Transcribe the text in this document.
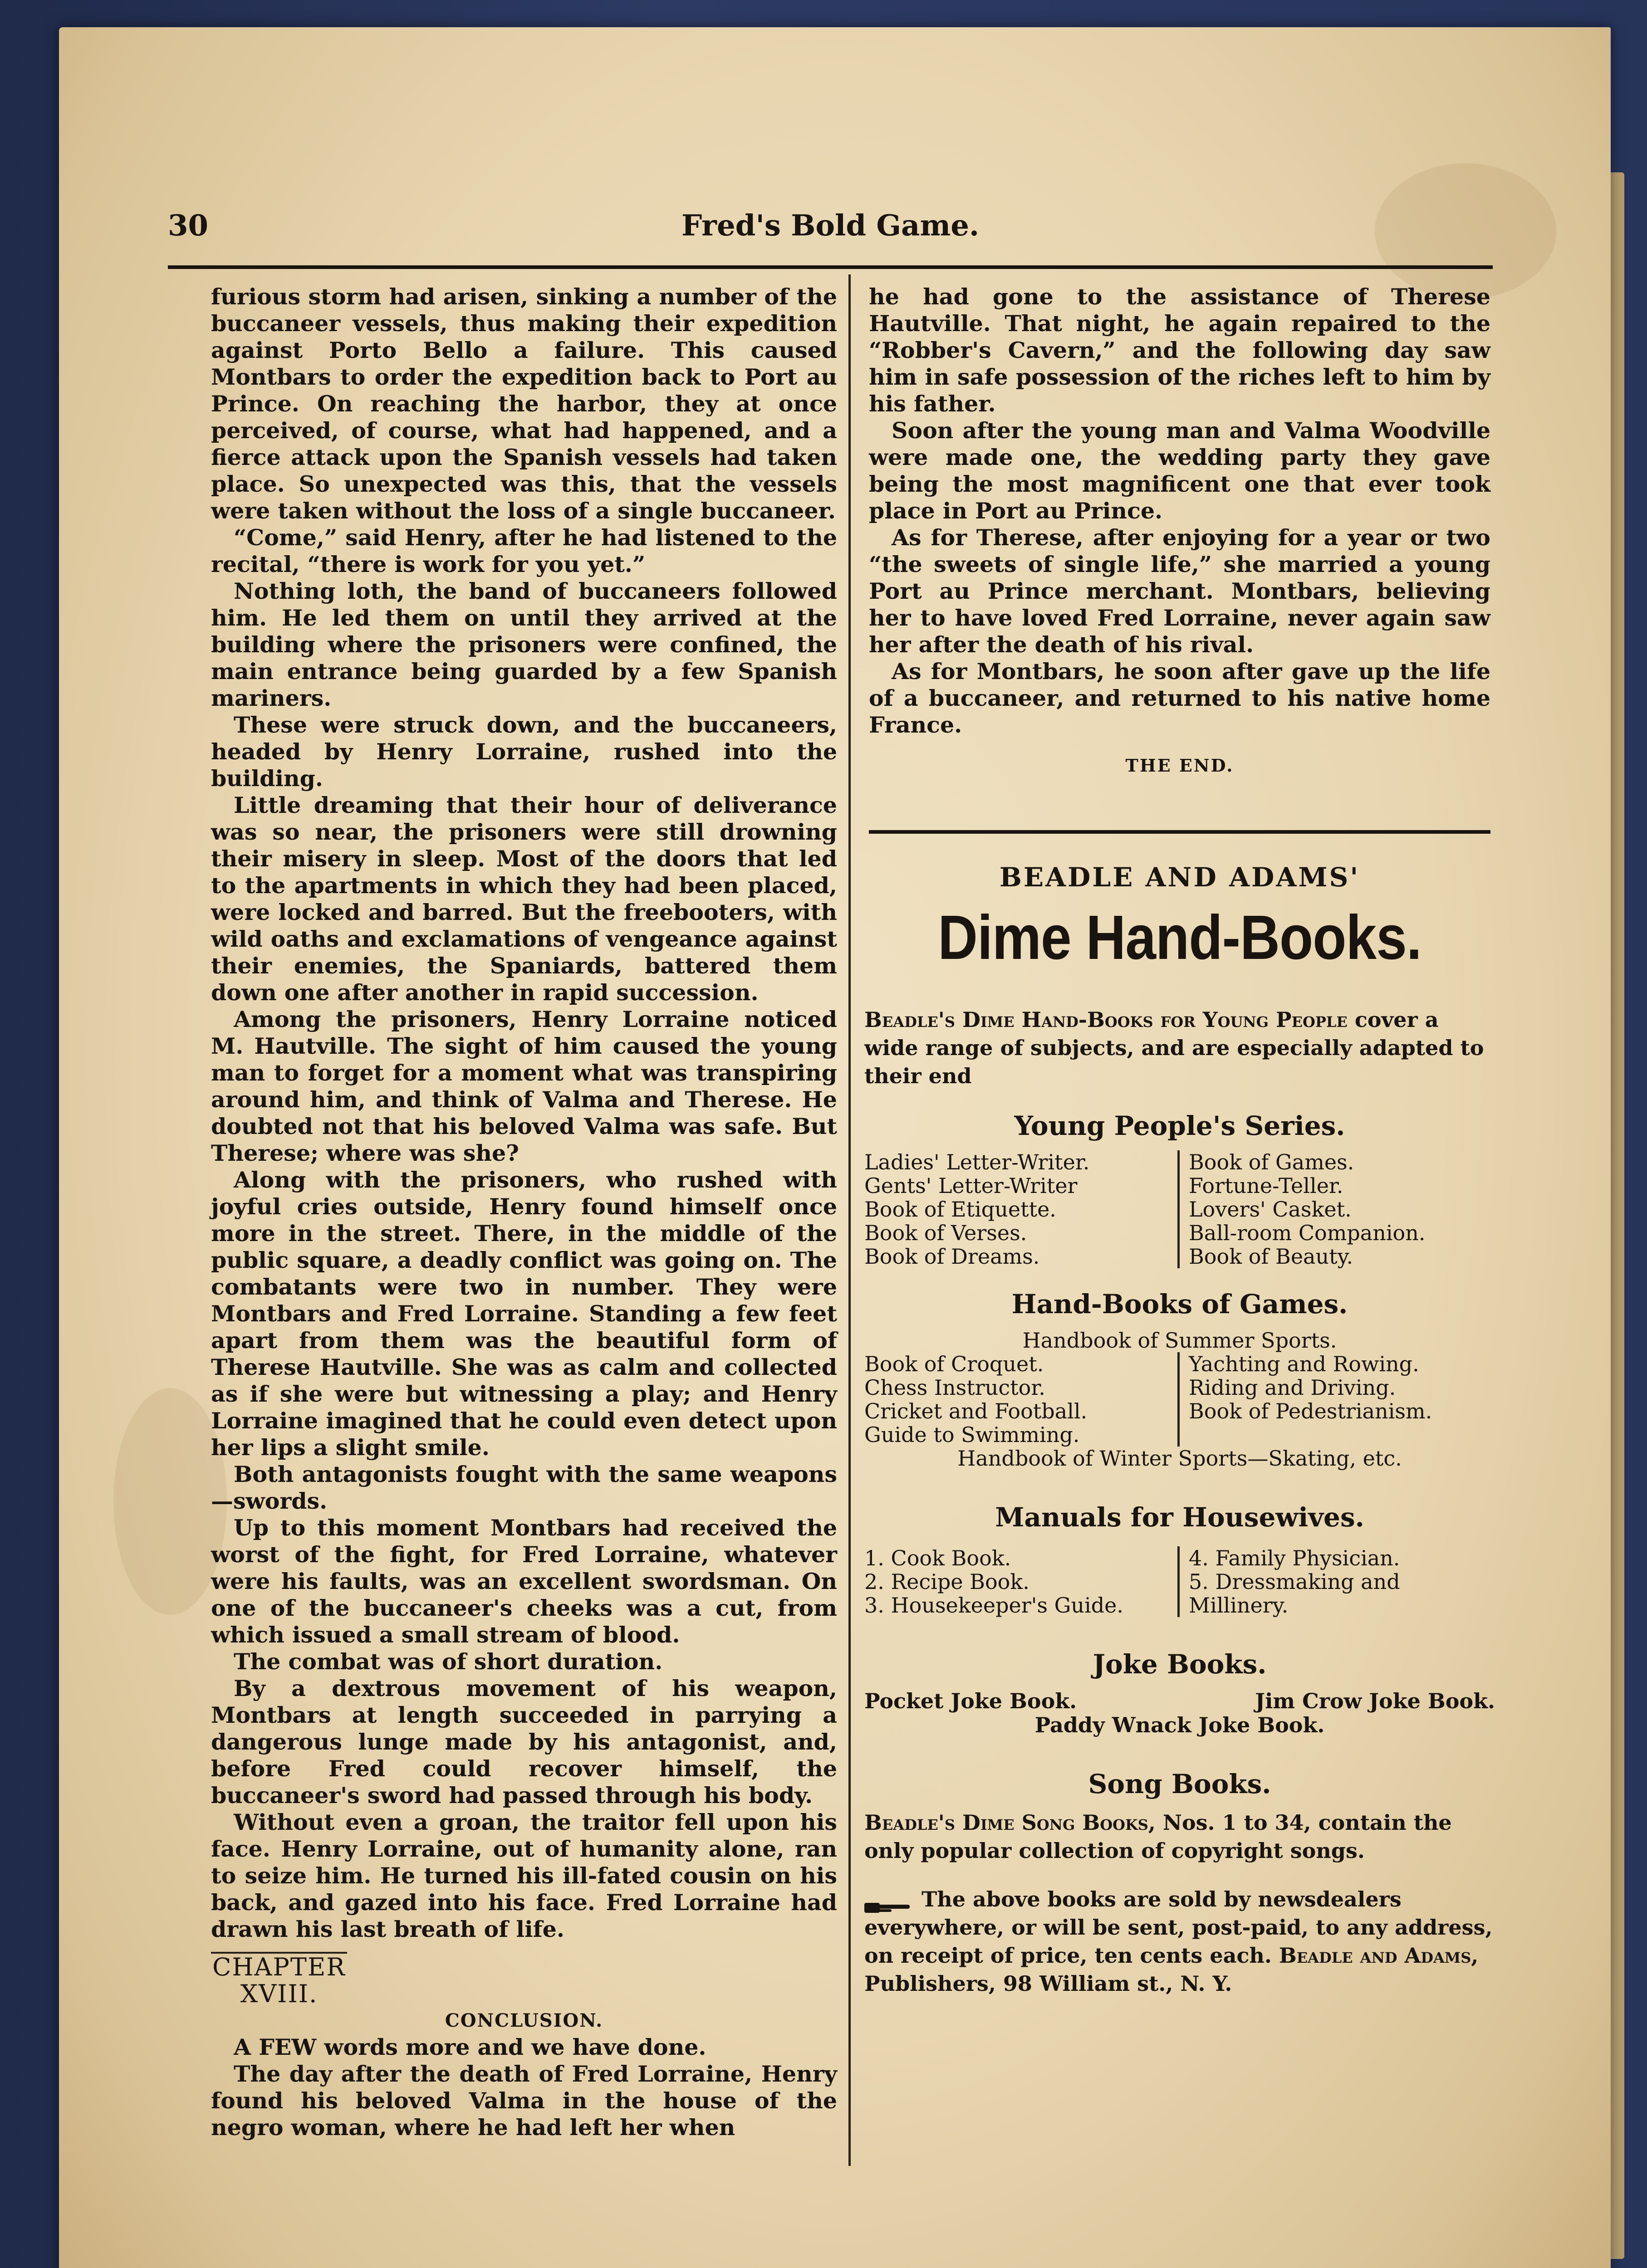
30	Fred's Bold Game.

furious storm had arisen, sinking a number of the buccaneer vessels, thus making their expedition against Porto Bello a failure. This caused Montbars to order the expedition back to Port au Prince. On reaching the harbor, they at once perceived, of course, what had happened, and a fierce attack upon the Spanish vessels had taken place. So unexpected was this, that the vessels were taken without the loss of a single buccaneer.

“Come,” said Henry, after he had listened to the recital, “there is work for you yet.”

Nothing loth, the band of buccaneers followed him. He led them on until they arrived at the building where the prisoners were confined, the main entrance being guarded by a few Spanish mariners.

These were struck down, and the buccaneers, headed by Henry Lorraine, rushed into the building.

Little dreaming that their hour of deliverance was so near, the prisoners were still drowning their misery in sleep. Most of the doors that led to the apartments in which they had been placed, were locked and barred. But the freebooters, with wild oaths and exclamations of vengeance against their enemies, the Spaniards, battered them down one after another in rapid succession.

Among the prisoners, Henry Lorraine noticed M. Hautville. The sight of him caused the young man to forget for a moment what was transpiring around him, and think of Valma and Therese. He doubted not that his beloved Valma was safe. But Therese; where was she?

Along with the prisoners, who rushed with joyful cries outside, Henry found himself once more in the street. There, in the middle of the public square, a deadly conflict was going on. The combatants were two in number. They were Montbars and Fred Lorraine. Standing a few feet apart from them was the beautiful form of Therese Hautville. She was as calm and collected as if she were but witnessing a play; and Henry Lorraine imagined that he could even detect upon her lips a slight smile.

Both antagonists fought with the same weapons—swords.

Up to this moment Montbars had received the worst of the fight, for Fred Lorraine, whatever were his faults, was an excellent swordsman. On one of the buccaneer's cheeks was a cut, from which issued a small stream of blood.

The combat was of short duration.

By a dextrous movement of his weapon, Montbars at length succeeded in parrying a dangerous lunge made by his antagonist, and, before Fred could recover himself, the buccaneer's sword had passed through his body.

Without even a groan, the traitor fell upon his face. Henry Lorraine, out of humanity alone, ran to seize him. He turned his ill-fated cousin on his back, and gazed into his face. Fred Lorraine had drawn his last breath of life.

CHAPTER XVIII.

CONCLUSION.

A FEW words more and we have done.

The day after the death of Fred Lorraine, Henry found his beloved Valma in the house of the negro woman, where he had left her when

he had gone to the assistance of Therese Hautville. That night, he again repaired to the “Robber's Cavern,” and the following day saw him in safe possession of the riches left to him by his father.

Soon after the young man and Valma Woodville were made one, the wedding party they gave being the most magnificent one that ever took place in Port au Prince.

As for Therese, after enjoying for a year or two “the sweets of single life,” she married a young Port au Prince merchant. Montbars, believing her to have loved Fred Lorraine, never again saw her after the death of his rival.

As for Montbars, he soon after gave up the life of a buccaneer, and returned to his native home France.

THE END.

BEADLE AND ADAMS'
Dime Hand-Books.
Beadle's Dime Hand-Books for Young People cover a wide range of subjects, and are especially adapted to their end
Young People's Series.
Ladies' Letter-Writer.
Gents' Letter-Writer
Book of Etiquette.
Book of Verses.
Book of Dreams.
Book of Games.
Fortune-Teller.
Lovers' Casket.
Ball-room Companion.
Book of Beauty.
Hand-Books of Games.
Handbook of Summer Sports.
Book of Croquet.
Chess Instructor.
Cricket and Football.
Guide to Swimming.
Yachting and Rowing.
Riding and Driving.
Book of Pedestrianism.
Handbook of Winter Sports—Skating, etc.
Manuals for Housewives.
1. Cook Book.
2. Recipe Book.
3. Housekeeper's Guide.
4. Family Physician.
5. Dressmaking and Millinery.
Joke Books.
Pocket Joke Book.	Jim Crow Joke Book.
Paddy Wnack Joke Book.
Song Books.
Beadle's Dime Song Books, Nos. 1 to 34, contain the only popular collection of copyright songs.
The above books are sold by newsdealers everywhere, or will be sent, post-paid, to any address, on receipt of price, ten cents each. Beadle and Adams, Publishers, 98 William st., N. Y.
